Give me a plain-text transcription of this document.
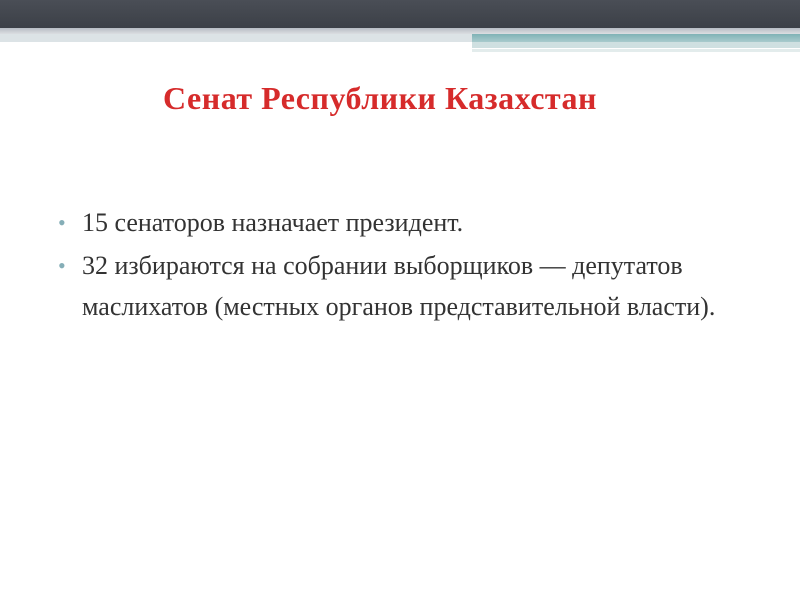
Сенат Республики Казахстан
• 15 сенаторов назначает президент.
• 32 избираются на собрании выборщиков — депутатов маслихатов (местных органов представительной власти).
